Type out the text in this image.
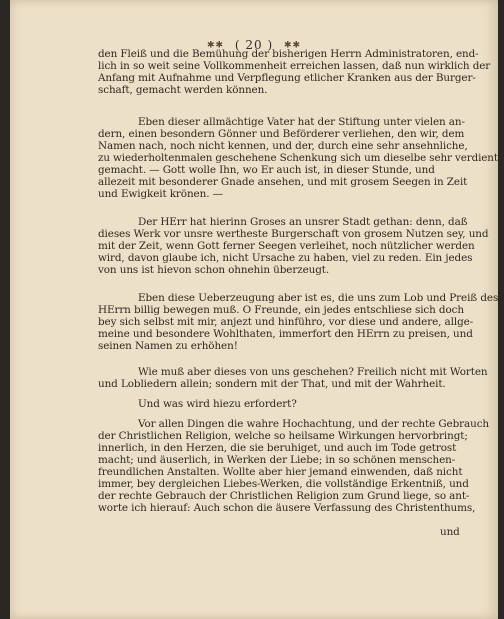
✱✱ ( 20 ) ✱✱
den Fleiß und die Bemühung der bisherigen Herrn Administratoren, end-
lich in so weit seine Vollkommenheit erreichen lassen, daß nun wirklich der
Anfang mit Aufnahme und Verpflegung etlicher Kranken aus der Burger-
schaft, gemacht werden können.
Eben dieser allmächtige Vater hat der Stiftung unter vielen an-
dern, einen besondern Gönner und Beförderer verliehen, den wir, dem
Namen nach, noch nicht kennen, und der, durch eine sehr ansehnliche,
zu wiederholtenmalen geschehene Schenkung sich um dieselbe sehr verdient
gemacht. — Gott wolle Ihn, wo Er auch ist, in dieser Stunde, und
allezeit mit besonderer Gnade ansehen, und mit grosem Seegen in Zeit
und Ewigkeit krönen. —
Der HErr hat hierinn Groses an unsrer Stadt gethan: denn, daß
dieses Werk vor unsre werthestе Burgerschaft von grosem Nutzen sey, und
mit der Zeit, wenn Gott ferner Seegen verleihet, noch nützlicher werden
wird, davon glaube ich, nicht Ursache zu haben, viel zu reden. Ein jedes
von uns ist hievon schon ohnehin überzeugt.
Eben diese Ueberzeugung aber ist es, die uns zum Lob und Preiß des
HErrn billig bewegen muß. O Freunde, ein jedes entschliese sich doch
bey sich selbst mit mir, anjezt und hinführo, vor diese und andere, allge-
meine und besondere Wohlthaten, immerfort den HErrn zu preisen, und
seinen Namen zu erhöhen!
Wie muß aber dieses von uns geschehen? Freilich nicht mit Worten
und Lobliedern allein; sondern mit der That, und mit der Wahrheit.
Und was wird hiezu erfordert?
Vor allen Dingen die wahre Hochachtung, und der rechte Gebrauch
der Christlichen Religion, welche so heilsame Wirkungen hervorbringt;
innerlich, in den Herzen, die sie beruhiget, und auch im Tode getrost
macht; und äuserlich, in Werken der Liebe; in so schönen menschen-
freundlichen Anstalten. Wollte aber hier jemand einwenden, daß nicht
immer, bey dergleichen Liebes-Werken, die vollständige Erkentniß, und
der rechte Gebrauch der Christlichen Religion zum Grund liege, so ant-
worte ich hierauf: Auch schon die äusere Verfassung des Christenthums,
und
